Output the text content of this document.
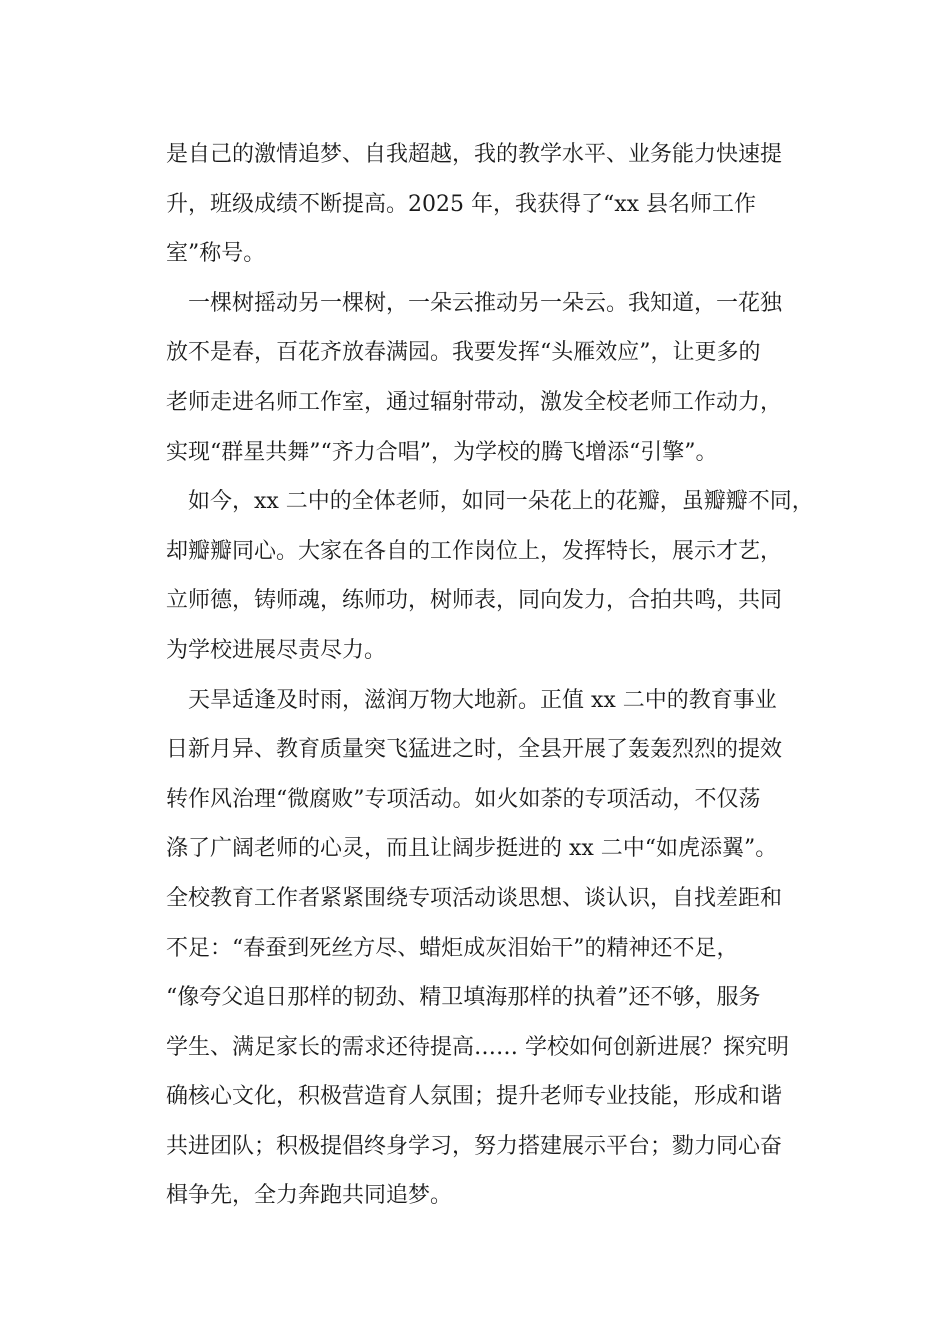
是自己的激情追梦、自我超越，我的教学水平、业务能力快速提
升，班级成绩不断提高。2025 年，我获得了“xx 县名师工作
室”称号。
一棵树摇动另一棵树，一朵云推动另一朵云。我知道，一花独
放不是春，百花齐放春满园。我要发挥“头雁效应”，让更多的
老师走进名师工作室，通过辐射带动，激发全校老师工作动力，
实现“群星共舞”“齐力合唱”，为学校的腾飞增添“引擎”。
如今，xx 二中的全体老师，如同一朵花上的花瓣，虽瓣瓣不同，
却瓣瓣同心。大家在各自的工作岗位上，发挥特长，展示才艺，
立师德，铸师魂，练师功，树师表，同向发力，合拍共鸣，共同
为学校进展尽责尽力。
天旱适逢及时雨，滋润万物大地新。正值 xx 二中的教育事业
日新月异、教育质量突飞猛进之时，全县开展了轰轰烈烈的提效
转作风治理“微腐败”专项活动。如火如荼的专项活动，不仅荡
涤了广阔老师的心灵，而且让阔步挺进的 xx 二中“如虎添翼”。
全校教育工作者紧紧围绕专项活动谈思想、谈认识，自找差距和
不足：“春蚕到死丝方尽、蜡炬成灰泪始干”的精神还不足，
“像夸父追日那样的韧劲、精卫填海那样的执着”还不够，服务
学生、满足家长的需求还待提高…… 学校如何创新进展？探究明
确核心文化，积极营造育人氛围；提升老师专业技能，形成和谐
共进团队；积极提倡终身学习，努力搭建展示平台；勠力同心奋
楫争先，全力奔跑共同追梦。
